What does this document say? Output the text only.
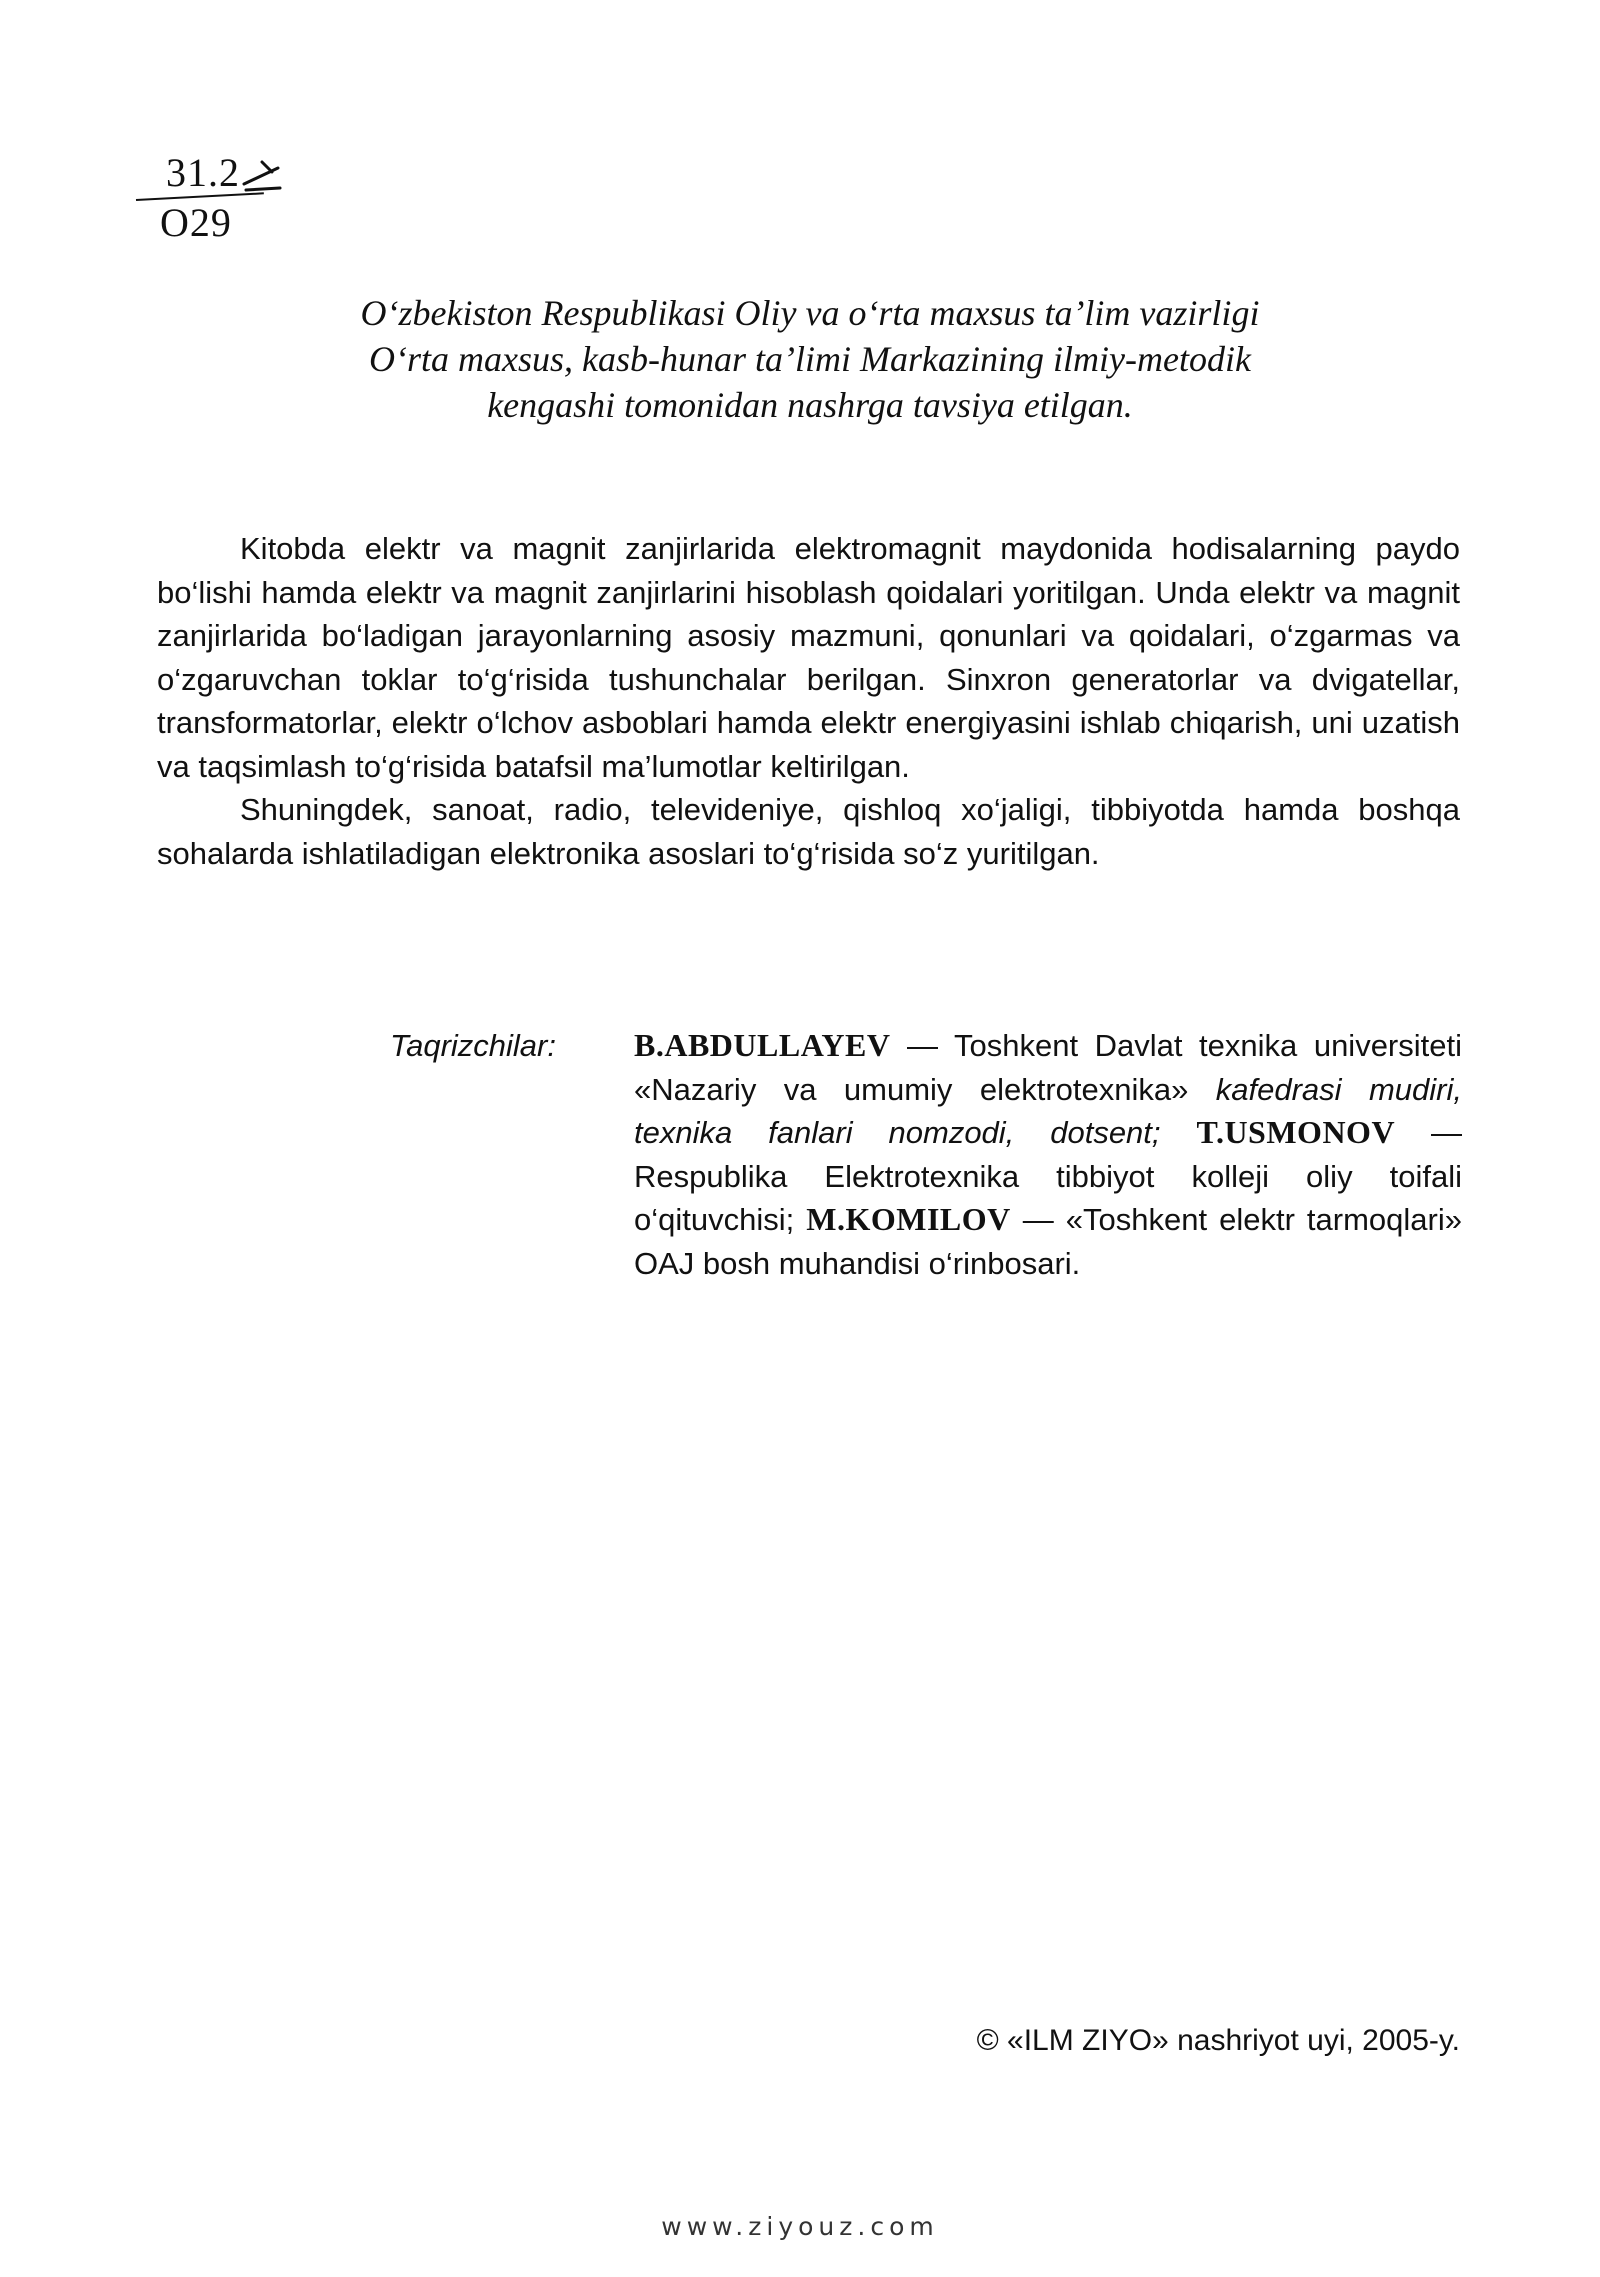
31.2
O29
O‘zbekiston Respublikasi Oliy va o‘rta maxsus ta’lim vazirligi
O‘rta maxsus, kasb-hunar ta’limi Markazining ilmiy-metodik
kengashi tomonidan nashrga tavsiya etilgan.

Kitobda elektr va magnit zanjirlarida elektromagnit maydonida hodisalarning paydo bo‘lishi hamda elektr va magnit zanjirlarini hisoblash qoidalari yoritilgan. Unda elektr va magnit zanjirlarida bo‘ladigan jarayonlarning asosiy mazmuni, qonunlari va qoidalari, o‘zgarmas va o‘zgaruvchan toklar to‘g‘risida tushunchalar berilgan. Sinxron generatorlar va dvigatellar, transformatorlar, elektr o‘lchov asboblari hamda elektr energiyasini ishlab chiqarish, uni uzatish va taqsimlash to‘g‘risida batafsil ma’lumotlar keltirilgan.

Shuningdek, sanoat, radio, televideniye, qishloq xo‘jaligi, tibbiyotda hamda boshqa sohalarda ishlatiladigan elektronika asoslari to‘g‘risida so‘z yuritilgan.

Taqrizchilar: B.ABDULLAYEV — Toshkent Davlat texnika universiteti «Nazariy va umumiy elektrotexnika» kafedrasi mudiri, texnika fanlari nomzodi, dotsent; T.USMONOV — Respublika Elektrotexnika tibbiyot kolleji oliy toifali o‘qituvchisi; M.KOMILOV — «Toshkent elektr tarmoqlari» OAJ bosh muhandisi o‘rinbosari.
© «ILM ZIYO» nashriyot uyi, 2005-y.
www.ziyouz.com
